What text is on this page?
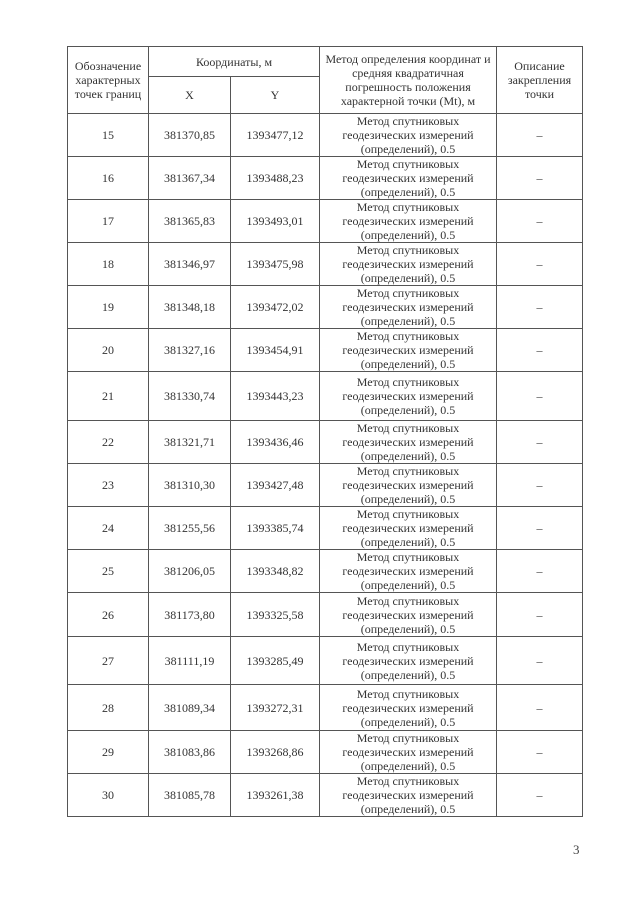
Обозначение характерных точек границ	Координаты, м		Метод определения координат и средняя квадратичная погрешность положения характерной точки (Mt), м	Описание закрепления точки
	X	Y		
15	381370,85	1393477,12	Метод спутниковых геодезических измерений (определений), 0.5	–
16	381367,34	1393488,23	Метод спутниковых геодезических измерений (определений), 0.5	–
17	381365,83	1393493,01	Метод спутниковых геодезических измерений (определений), 0.5	–
18	381346,97	1393475,98	Метод спутниковых геодезических измерений (определений), 0.5	–
19	381348,18	1393472,02	Метод спутниковых геодезических измерений (определений), 0.5	–
20	381327,16	1393454,91	Метод спутниковых геодезических измерений (определений), 0.5	–
21	381330,74	1393443,23	Метод спутниковых геодезических измерений (определений), 0.5	–
22	381321,71	1393436,46	Метод спутниковых геодезических измерений (определений), 0.5	–
23	381310,30	1393427,48	Метод спутниковых геодезических измерений (определений), 0.5	–
24	381255,56	1393385,74	Метод спутниковых геодезических измерений (определений), 0.5	–
25	381206,05	1393348,82	Метод спутниковых геодезических измерений (определений), 0.5	–
26	381173,80	1393325,58	Метод спутниковых геодезических измерений (определений), 0.5	–
27	381111,19	1393285,49	Метод спутниковых геодезических измерений (определений), 0.5	–
28	381089,34	1393272,31	Метод спутниковых геодезических измерений (определений), 0.5	–
29	381083,86	1393268,86	Метод спутниковых геодезических измерений (определений), 0.5	–
30	381085,78	1393261,38	Метод спутниковых геодезических измерений (определений), 0.5	–
3
